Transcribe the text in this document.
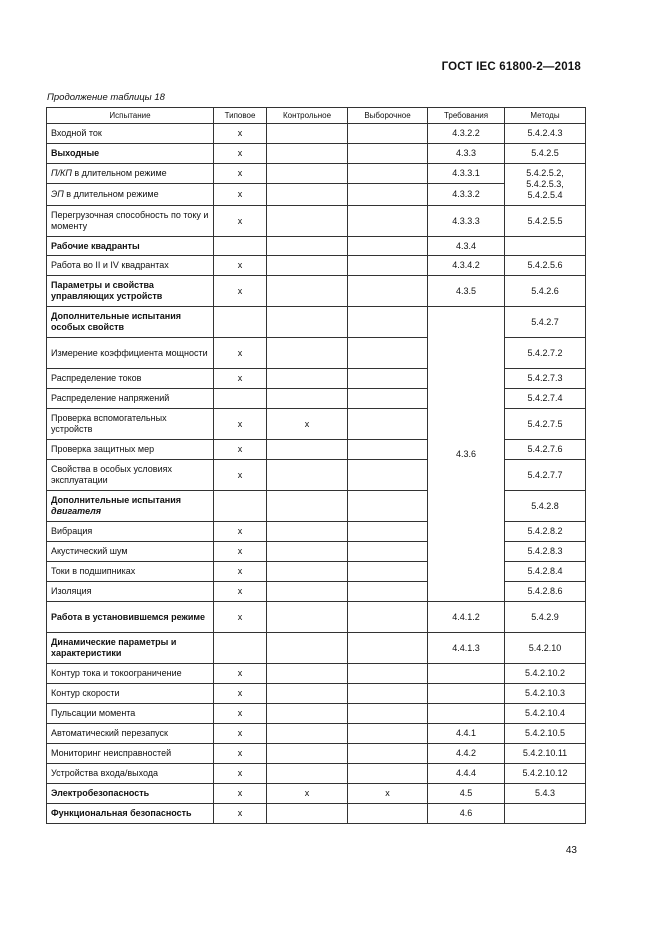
ГОСТ IEC 61800-2—2018
Продолжение таблицы 18
Испытание	Типовое	Контрольное	Выборочное	Требования	Методы
Входной ток	x			4.3.2.2	5.4.2.4.3
Выходные	x			4.3.3	5.4.2.5
П/КП в длительном режиме	x			4.3.3.1	5.4.2.5.2, 5.4.2.5.3, 5.4.2.5.4
ЭП в длительном режиме	x			4.3.3.2	
Перегрузочная способность по току и моменту	x			4.3.3.3	5.4.2.5.5
Рабочие квадранты				4.3.4	
Работа во II и IV квадрантах	x			4.3.4.2	5.4.2.5.6
Параметры и свойства управляющих устройств	x			4.3.5	5.4.2.6
Дополнительные испытания особых свойств				4.3.6	5.4.2.7
Измерение коэффициента мощности	x				5.4.2.7.2
Распределение токов	x				5.4.2.7.3
Распределение напряжений					5.4.2.7.4
Проверка вспомогательных устройств	x	x			5.4.2.7.5
Проверка защитных мер	x				5.4.2.7.6
Свойства в особых условиях эксплуатации	x				5.4.2.7.7
Дополнительные испытания
двигателя					5.4.2.8
Вибрация	x				5.4.2.8.2
Акустический шум	x				5.4.2.8.3
Токи в подшипниках	x				5.4.2.8.4
Изоляция	x				5.4.2.8.6
Работа в установившемся режиме	x			4.4.1.2	5.4.2.9
Динамические параметры и характеристики				4.4.1.3	5.4.2.10
Контур тока и токоограничение	x				5.4.2.10.2
Контур скорости	x				5.4.2.10.3
Пульсации момента	x				5.4.2.10.4
Автоматический перезапуск	x			4.4.1	5.4.2.10.5
Мониторинг неисправностей	x			4.4.2	5.4.2.10.11
Устройства входа/выхода	x			4.4.4	5.4.2.10.12
Электробезопасность	x	x	x	4.5	5.4.3
Функциональная безопасность	x			4.6	
43
